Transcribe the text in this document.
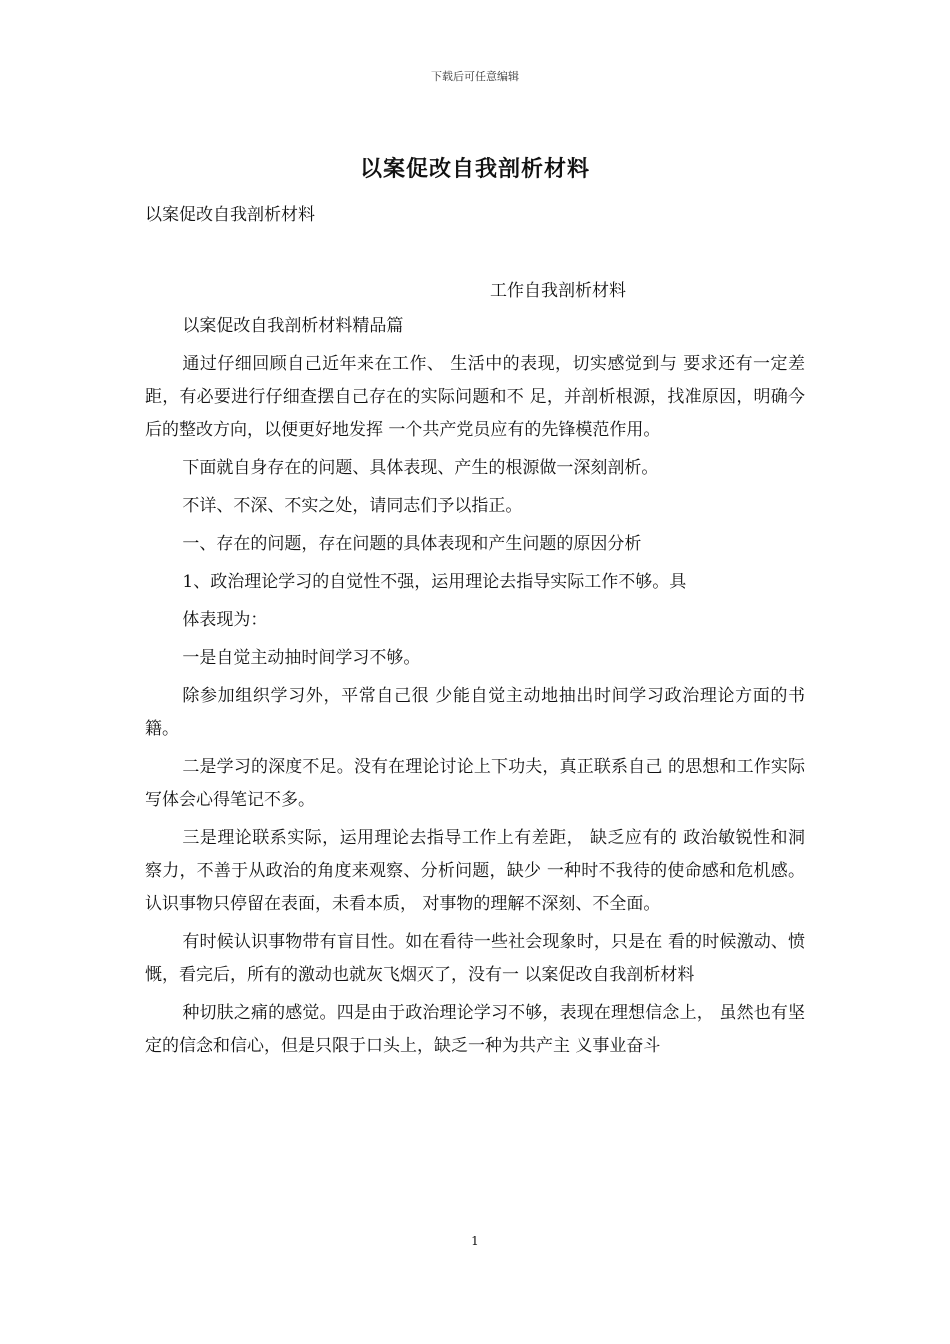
下载后可任意编辑
以案促改自我剖析材料
以案促改自我剖析材料
工作自我剖析材料

以案促改自我剖析材料精品篇

通过仔细回顾自己近年来在工作、 生活中的表现，切实感觉到与 要求还有一定差距，有必要进行仔细查摆自己存在的实际问题和不 足，并剖析根源，找准原因，明确今后的整改方向，以便更好地发挥 一个共产党员应有的先锋模范作用。

下面就自身存在的问题、具体表现、产生的根源做一深刻剖析。

不详、不深、不实之处，请同志们予以指正。

一、存在的问题，存在问题的具体表现和产生问题的原因分析

1、政治理论学习的自觉性不强，运用理论去指导实际工作不够。具

体表现为：

一是自觉主动抽时间学习不够。

除参加组织学习外，平常自己很 少能自觉主动地抽出时间学习政治理论方面的书籍。

二是学习的深度不足。没有在理论讨论上下功夫，真正联系自己 的思想和工作实际写体会心得笔记不多。

三是理论联系实际，运用理论去指导工作上有差距， 缺乏应有的 政治敏锐性和洞察力，不善于从政治的角度来观察、分析问题，缺少 一种时不我待的使命感和危机感。认识事物只停留在表面，未看本质， 对事物的理解不深刻、不全面。

有时候认识事物带有盲目性。如在看待一些社会现象时，只是在 看的时候激动、愤慨，看完后，所有的激动也就灰飞烟灭了，没有一 以案促改自我剖析材料

种切肤之痛的感觉。四是由于政治理论学习不够，表现在理想信念上， 虽然也有坚定的信念和信心，但是只限于口头上，缺乏一种为共产主 义事业奋斗

1
